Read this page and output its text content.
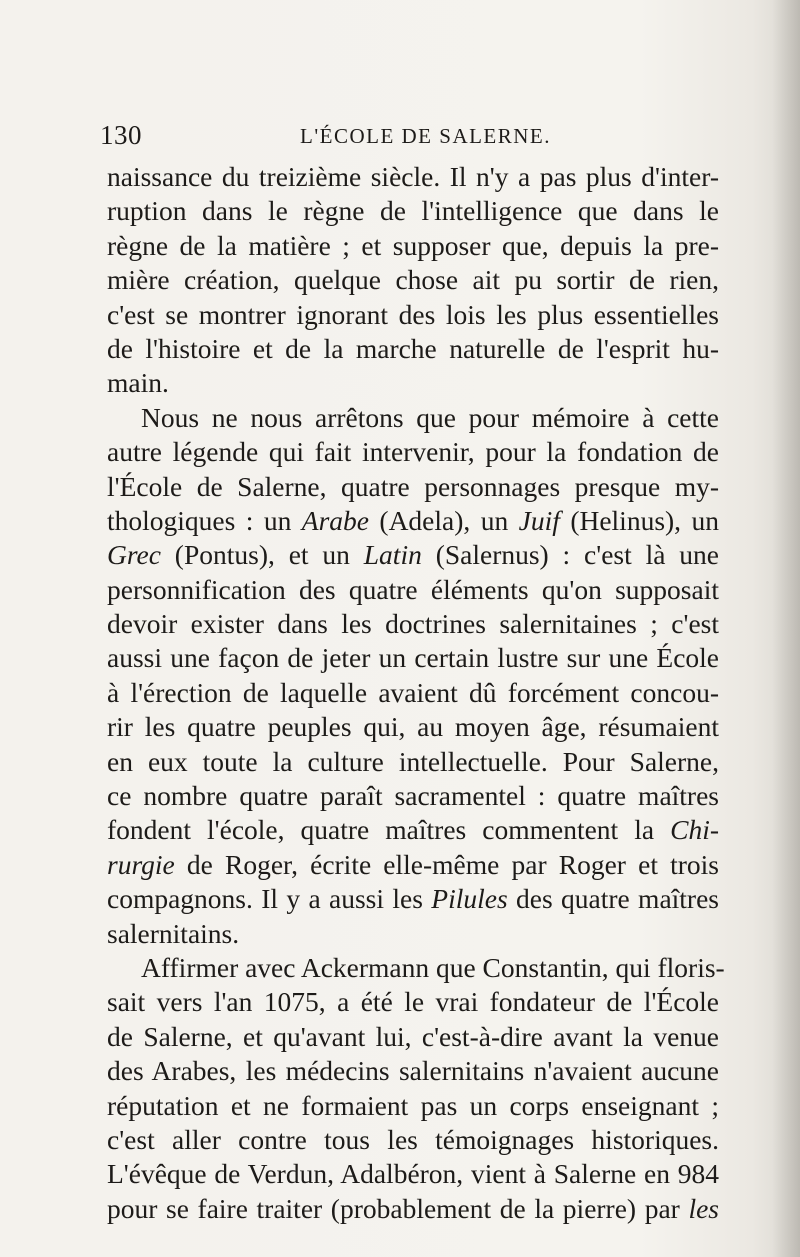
130	L'ÉCOLE DE SALERNE.
naissance du treizième siècle. Il n'y a pas plus d'inter-
ruption dans le règne de l'intelligence que dans le
règne de la matière ; et supposer que, depuis la pre-
mière création, quelque chose ait pu sortir de rien,
c'est se montrer ignorant des lois les plus essentielles
de l'histoire et de la marche naturelle de l'esprit hu-
main.
Nous ne nous arrêtons que pour mémoire à cette
autre légende qui fait intervenir, pour la fondation de
l'École de Salerne, quatre personnages presque my-
thologiques : un Arabe (Adela), un Juif (Helinus), un
Grec (Pontus), et un Latin (Salernus) : c'est là une
personnification des quatre éléments qu'on supposait
devoir exister dans les doctrines salernitaines ; c'est
aussi une façon de jeter un certain lustre sur une École
à l'érection de laquelle avaient dû forcément concou-
rir les quatre peuples qui, au moyen âge, résumaient
en eux toute la culture intellectuelle. Pour Salerne,
ce nombre quatre paraît sacramentel : quatre maîtres
fondent l'école, quatre maîtres commentent la Chi-
rurgie de Roger, écrite elle-même par Roger et trois
compagnons. Il y a aussi les Pilules des quatre maîtres
salernitains.
Affirmer avec Ackermann que Constantin, qui floris-
sait vers l'an 1075, a été le vrai fondateur de l'École
de Salerne, et qu'avant lui, c'est-à-dire avant la venue
des Arabes, les médecins salernitains n'avaient aucune
réputation et ne formaient pas un corps enseignant ;
c'est aller contre tous les témoignages historiques.
L'évêque de Verdun, Adalbéron, vient à Salerne en 984
pour se faire traiter (probablement de la pierre) par les
